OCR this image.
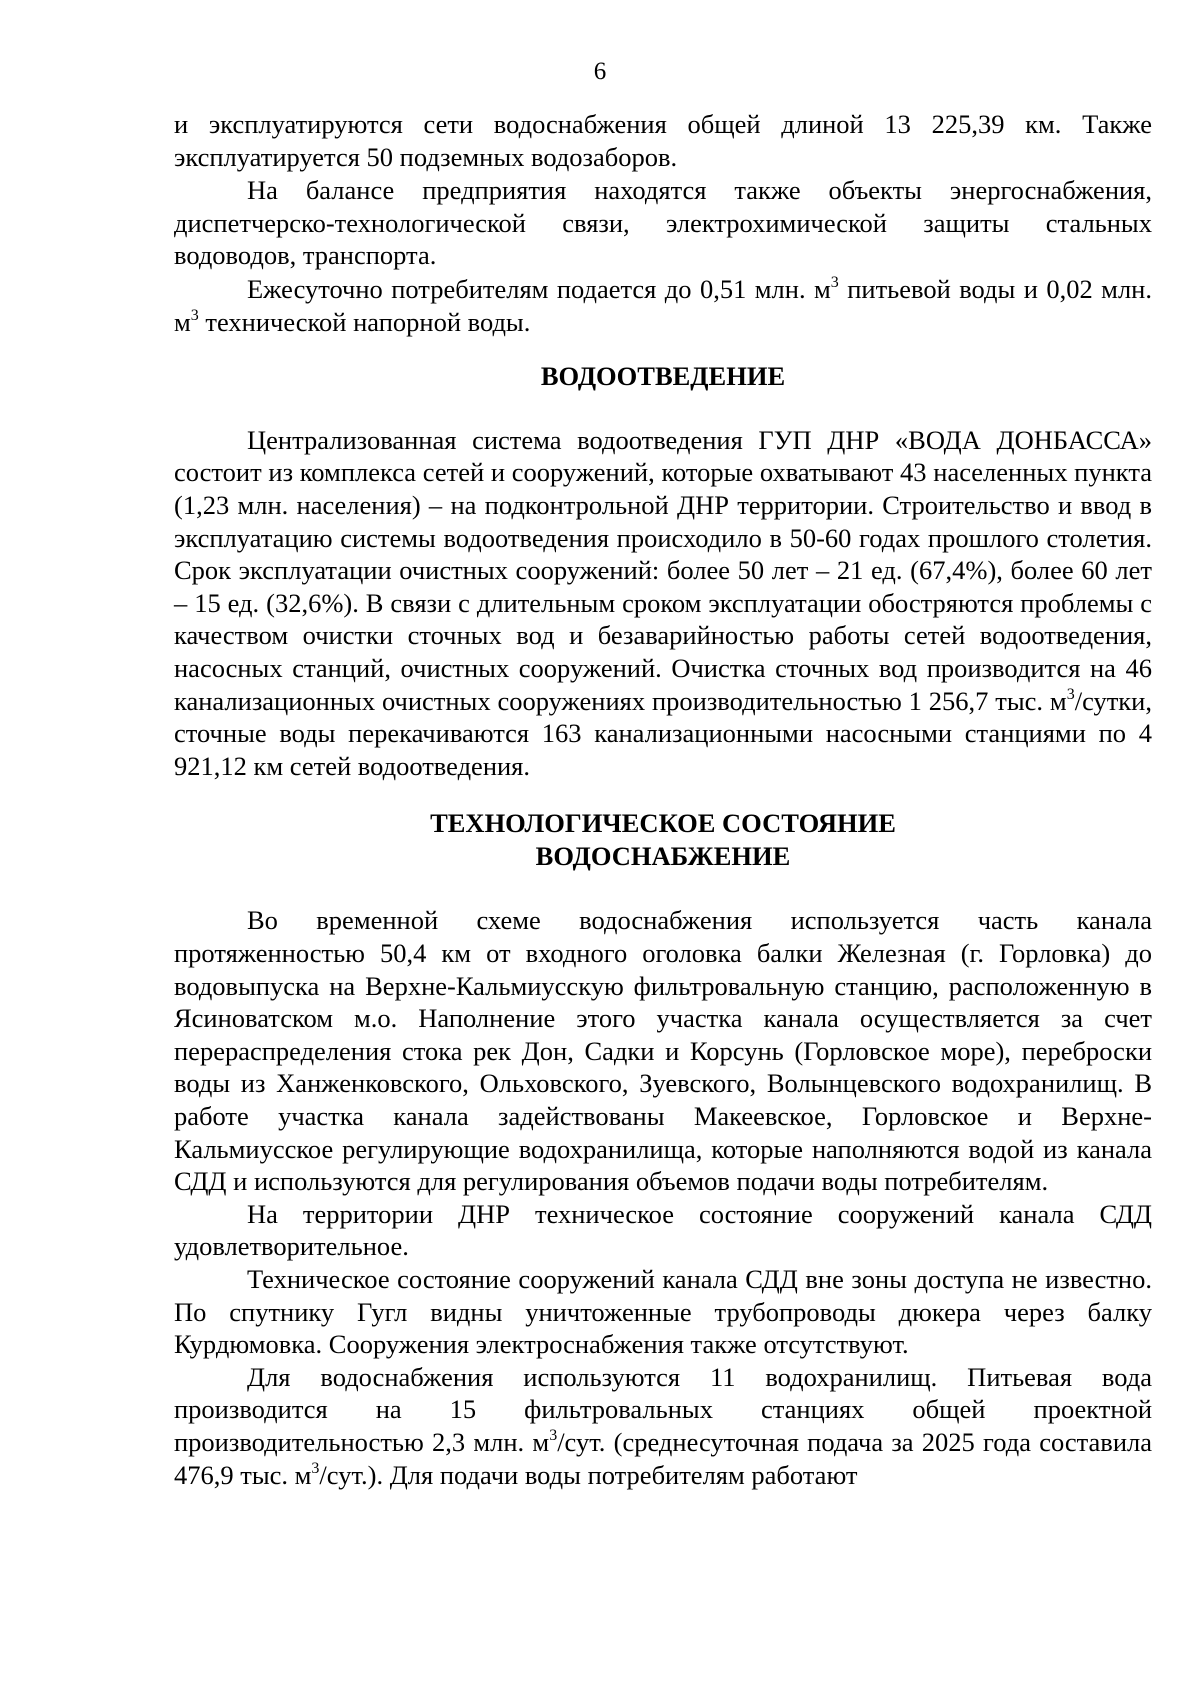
6

и эксплуатируются сети водоснабжения общей длиной 13 225,39 км. Также эксплуатируется 50 подземных водозаборов.

На балансе предприятия находятся также объекты энергоснабжения, диспетчерско-технологической связи, электрохимической защиты стальных водоводов, транспорта.

Ежесуточно потребителям подается до 0,51 млн. $м^3$ питьевой воды и 0,02 млн. $м^3$ технической напорной воды.

ВОДООТВЕДЕНИЕ

Централизованная система водоотведения ГУП ДНР «ВОДА ДОНБАССА» состоит из комплекса сетей и сооружений, которые охватывают 43 населенных пункта (1,23 млн. населения) – на подконтрольной ДНР территории. Строительство и ввод в эксплуатацию системы водоотведения происходило в 50-60 годах прошлого столетия. Срок эксплуатации очистных сооружений: более 50 лет – 21 ед. (67,4%), более 60 лет – 15 ед. (32,6%). В связи с длительным сроком эксплуатации обостряются проблемы с качеством очистки сточных вод и безаварийностью работы сетей водоотведения, насосных станций, очистных сооружений. Очистка сточных вод производится на 46 канализационных очистных сооружениях производительностью 1 256,7 тыс. $м^3$/сутки, сточные воды перекачиваются 163 канализационными насосными станциями по 4 921,12 км сетей водоотведения.

ТЕХНОЛОГИЧЕСКОЕ СОСТОЯНИЕ
ВОДОСНАБЖЕНИЕ

Во временной схеме водоснабжения используется часть канала протяженностью 50,4 км от входного оголовка балки Железная (г. Горловка) до водовыпуска на Верхне-Кальмиусскую фильтровальную станцию, расположенную в Ясиноватском м.о. Наполнение этого участка канала осуществляется за счет перераспределения стока рек Дон, Садки и Корсунь (Горловское море), переброски воды из Ханженковского, Ольховского, Зуевского, Волынцевского водохранилищ. В работе участка канала задействованы Макеевское, Горловское и Верхне-Кальмиусское регулирующие водохранилища, которые наполняются водой из канала СДД и используются для регулирования объемов подачи воды потребителям.

На территории ДНР техническое состояние сооружений канала СДД удовлетворительное.

Техническое состояние сооружений канала СДД вне зоны доступа не известно. По спутнику Гугл видны уничтоженные трубопроводы дюкера через балку Курдюмовка. Сооружения электроснабжения также отсутствуют.

Для водоснабжения используются 11 водохранилищ. Питьевая вода производится на 15 фильтровальных станциях общей проектной производительностью 2,3 млн. $м^3$/сут. (среднесуточная подача за 2025 года составила 476,9 тыс. $м^3/сут$.). Для подачи воды потребителям работают
